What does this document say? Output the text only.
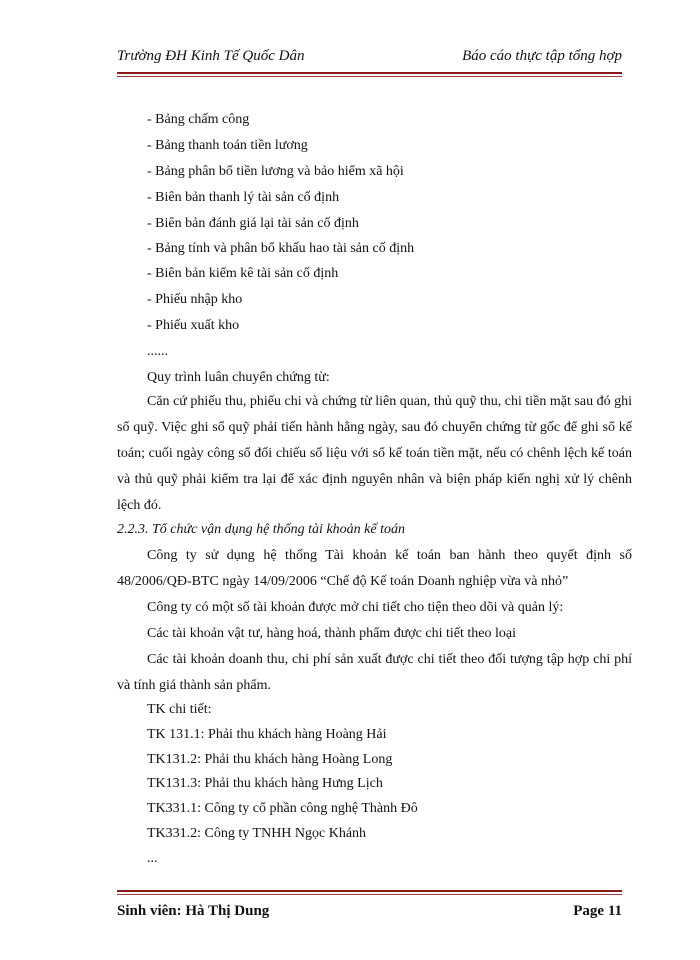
Trường ĐH Kinh Tế Quốc Dân	Báo cáo thực tập tổng hợp
- Bảng chấm công
- Bảng thanh toán tiền lương
- Bảng phân bổ tiền lương và bảo hiểm xã hội
- Biên bản thanh lý tài sản cố định
- Biên bản đánh giá lại tài sản cố định
- Bảng tính và phân bổ khấu hao tài sản cố định
- Biên bản kiểm kê tài sản cố định
- Phiếu nhập kho
- Phiếu xuất kho
......
Quy trình luân chuyển chứng từ:
Căn cứ phiếu thu, phiếu chi và chứng từ liên quan, thủ quỹ thu, chi tiền mặt sau đó ghi sổ quỹ. Việc ghi sổ quỹ phải tiến hành hằng ngày, sau đó chuyển chứng từ gốc để ghi sổ kế toán; cuối ngày công sổ đối chiếu số liệu với sổ kế toán tiền mặt, nếu có chênh lệch kế toán và thủ quỹ phải kiểm tra lại để xác định nguyên nhân và biện pháp kiến nghị xử lý chênh lệch đó.
2.2.3. Tổ chức vận dụng hệ thống tài khoản kế toán
Công ty sử dụng hệ thống Tài khoản kế toán ban hành theo quyết định số 48/2006/QĐ-BTC ngày 14/09/2006 “Chế độ Kế toán Doanh nghiệp vừa và nhỏ”
Công ty có một số tài khoản được mở chi tiết cho tiện theo dõi và quản lý:
Các tài khoản vật tư, hàng hoá, thành phẩm được chi tiết theo loại
Các tài khoản doanh thu, chi phí sản xuất được chi tiết theo đối tượng tập hợp chi phí và tính giá thành sản phẩm.
TK chi tiết:
TK 131.1: Phải thu khách hàng Hoàng Hải
TK131.2: Phải thu khách hàng Hoàng Long
TK131.3: Phải thu khách hàng Hưng Lịch
TK331.1: Công ty cổ phần công nghệ Thành Đô
TK331.2: Công ty TNHH Ngọc Khánh
...
Sinh viên: Hà Thị Dung	Page 11
